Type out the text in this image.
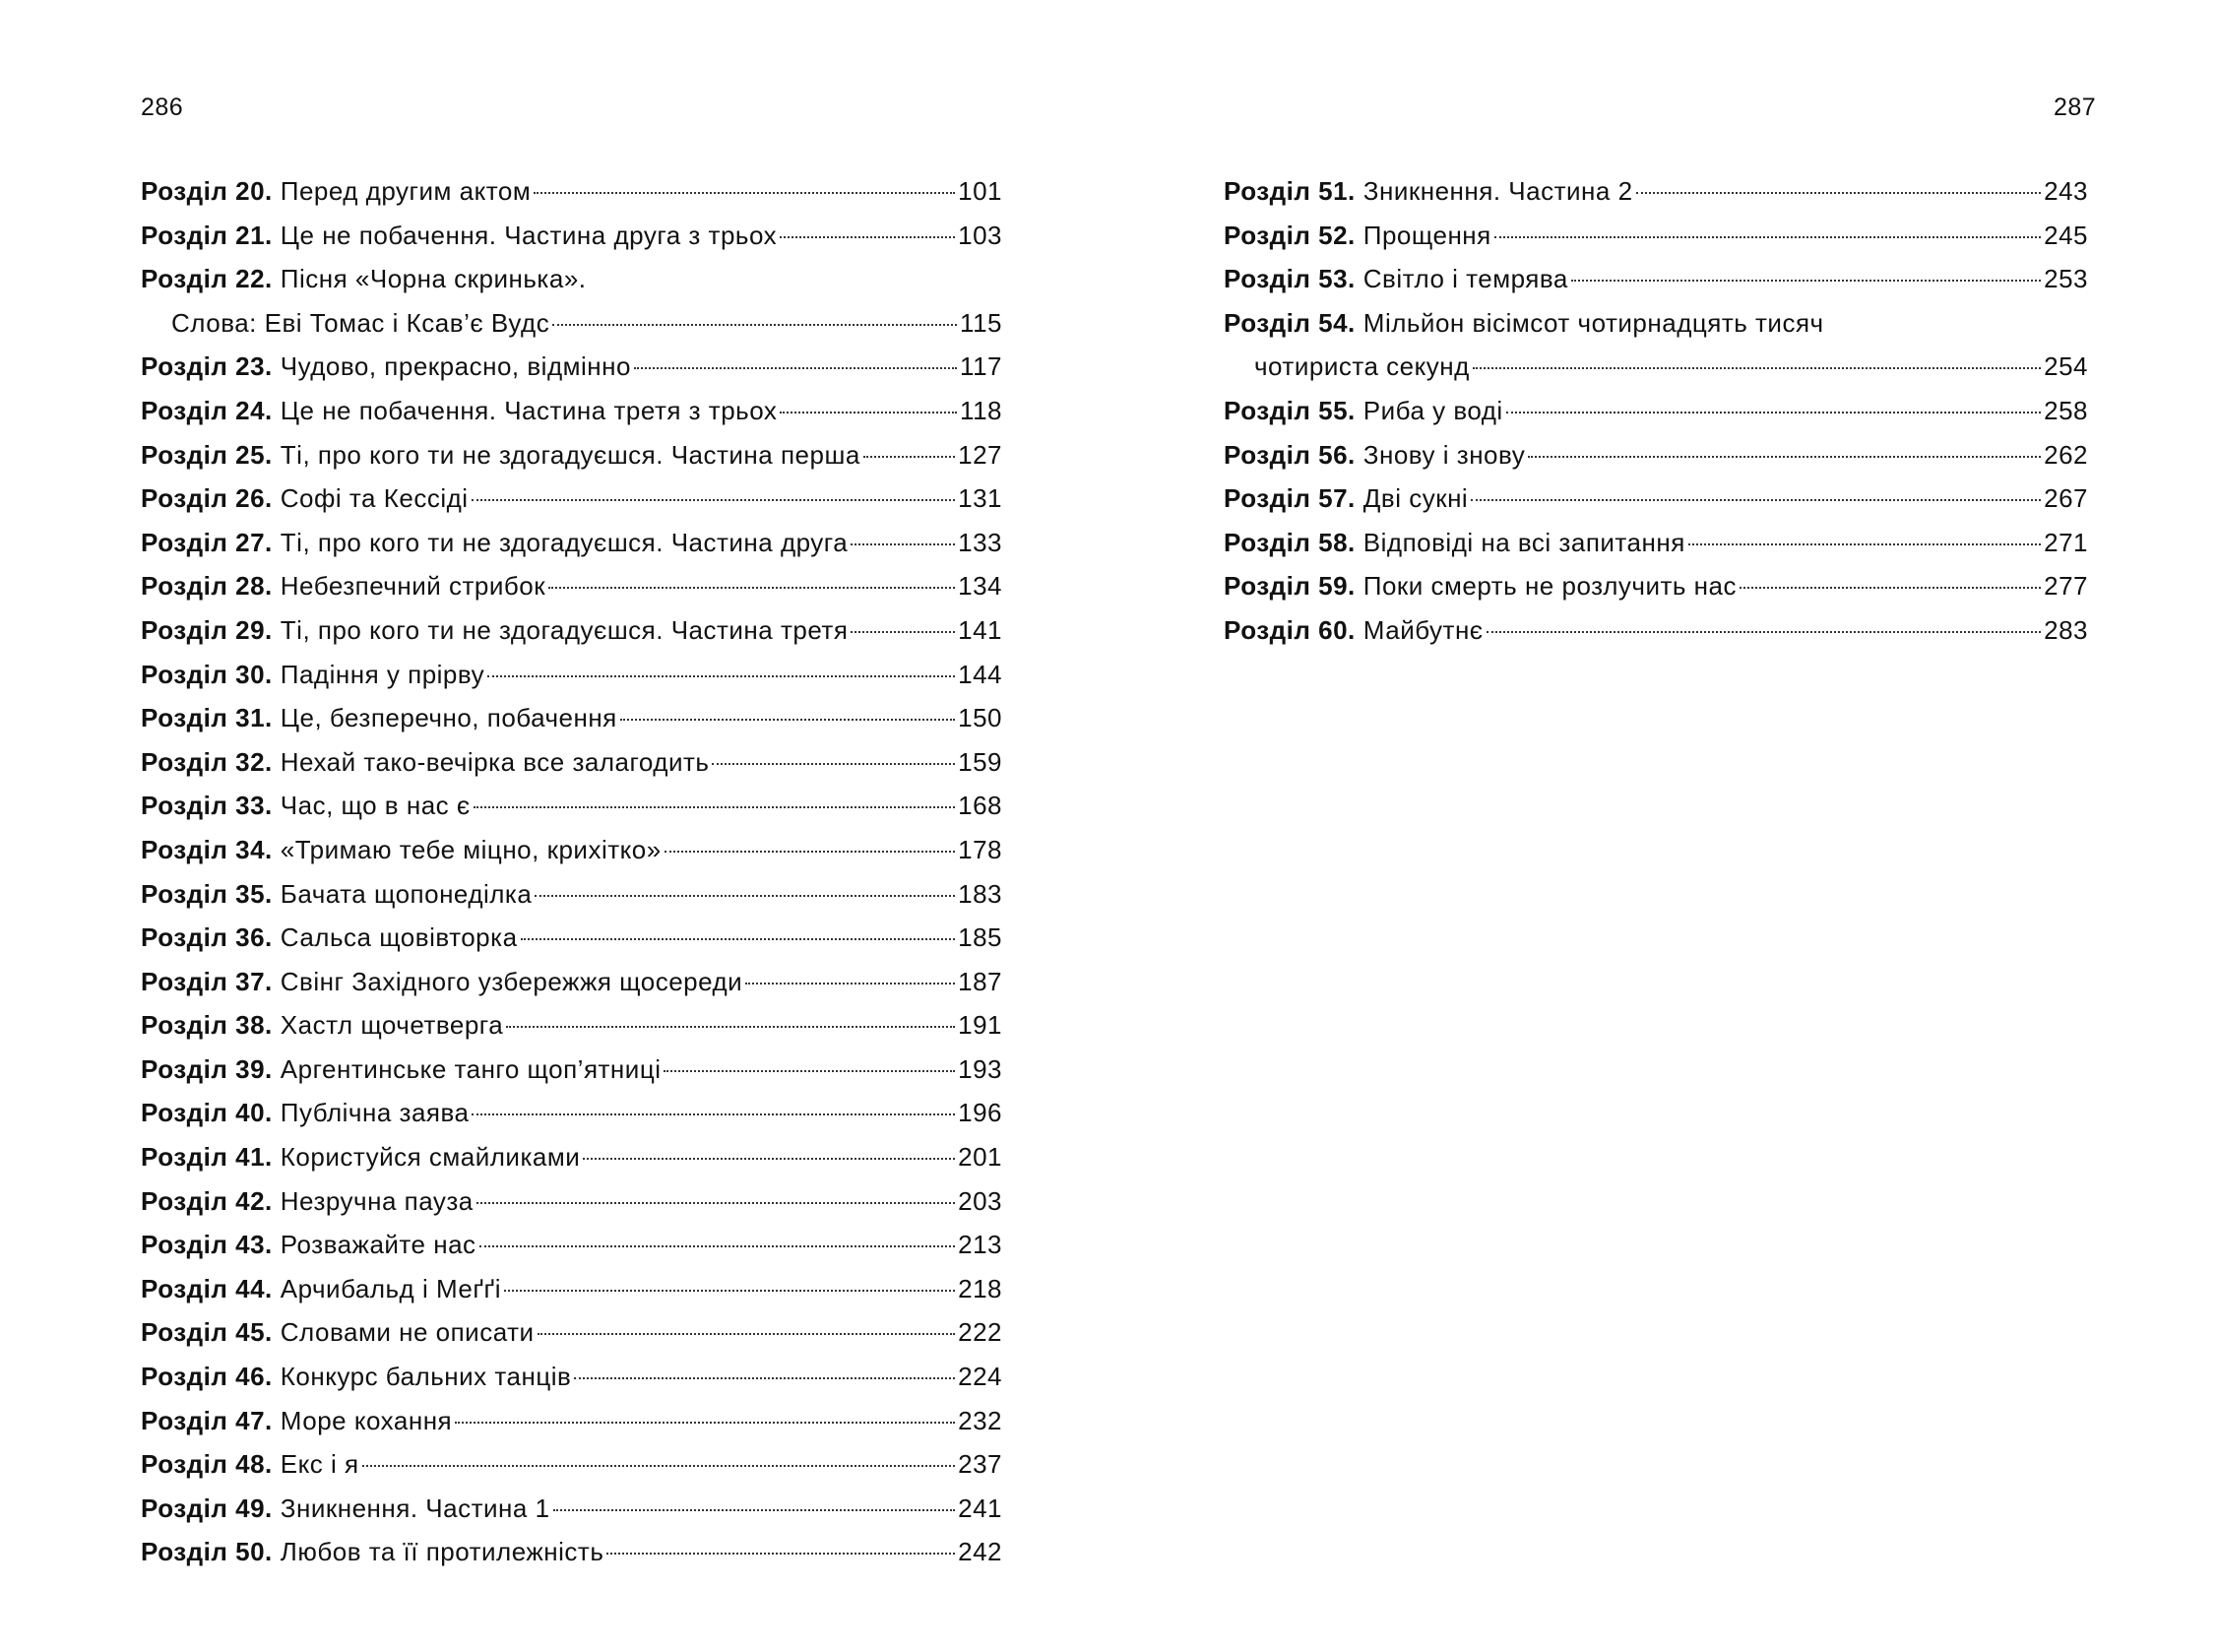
286	287
Розділ 20. Перед другим актом	101
Розділ 21. Це не побачення. Частина друга з трьох	103
Розділ 22. Пісня «Чорна скринька».
Слова: Еві Томас і Ксав’є Вудс	115
Розділ 23. Чудово, прекрасно, відмінно	117
Розділ 24. Це не побачення. Частина третя з трьох	118
Розділ 25. Ті, про кого ти не здогадуєшся. Частина перша	127
Розділ 26. Софі та Кессіді	131
Розділ 27. Ті, про кого ти не здогадуєшся. Частина друга	133
Розділ 28. Небезпечний стрибок	134
Розділ 29. Ті, про кого ти не здогадуєшся. Частина третя	141
Розділ 30. Падіння у прірву	144
Розділ 31. Це, безперечно, побачення	150
Розділ 32. Нехай тако-вечірка все залагодить	159
Розділ 33. Час, що в нас є	168
Розділ 34. «Тримаю тебе міцно, крихітко»	178
Розділ 35. Бачата щопонеділка	183
Розділ 36. Сальса щовівторка	185
Розділ 37. Свінг Західного узбережжя щосереди	187
Розділ 38. Хастл щочетверга	191
Розділ 39. Аргентинське танго щоп’ятниці	193
Розділ 40. Публічна заява	196
Розділ 41. Користуйся смайликами	201
Розділ 42. Незручна пауза	203
Розділ 43. Розважайте нас	213
Розділ 44. Арчибальд і Меґґі	218
Розділ 45. Словами не описати	222
Розділ 46. Конкурс бальних танців	224
Розділ 47. Море кохання	232
Розділ 48. Екс і я	237
Розділ 49. Зникнення. Частина 1	241
Розділ 50. Любов та її протилежність	242
Розділ 51. Зникнення. Частина 2	243
Розділ 52. Прощення	245
Розділ 53. Світло і темрява	253
Розділ 54. Мільйон вісімсот чотирнадцять тисяч
чотириста секунд	254
Розділ 55. Риба у воді	258
Розділ 56. Знову і знову	262
Розділ 57. Дві сукні	267
Розділ 58. Відповіді на всі запитання	271
Розділ 59. Поки смерть не розлучить нас	277
Розділ 60. Майбутнє	283
